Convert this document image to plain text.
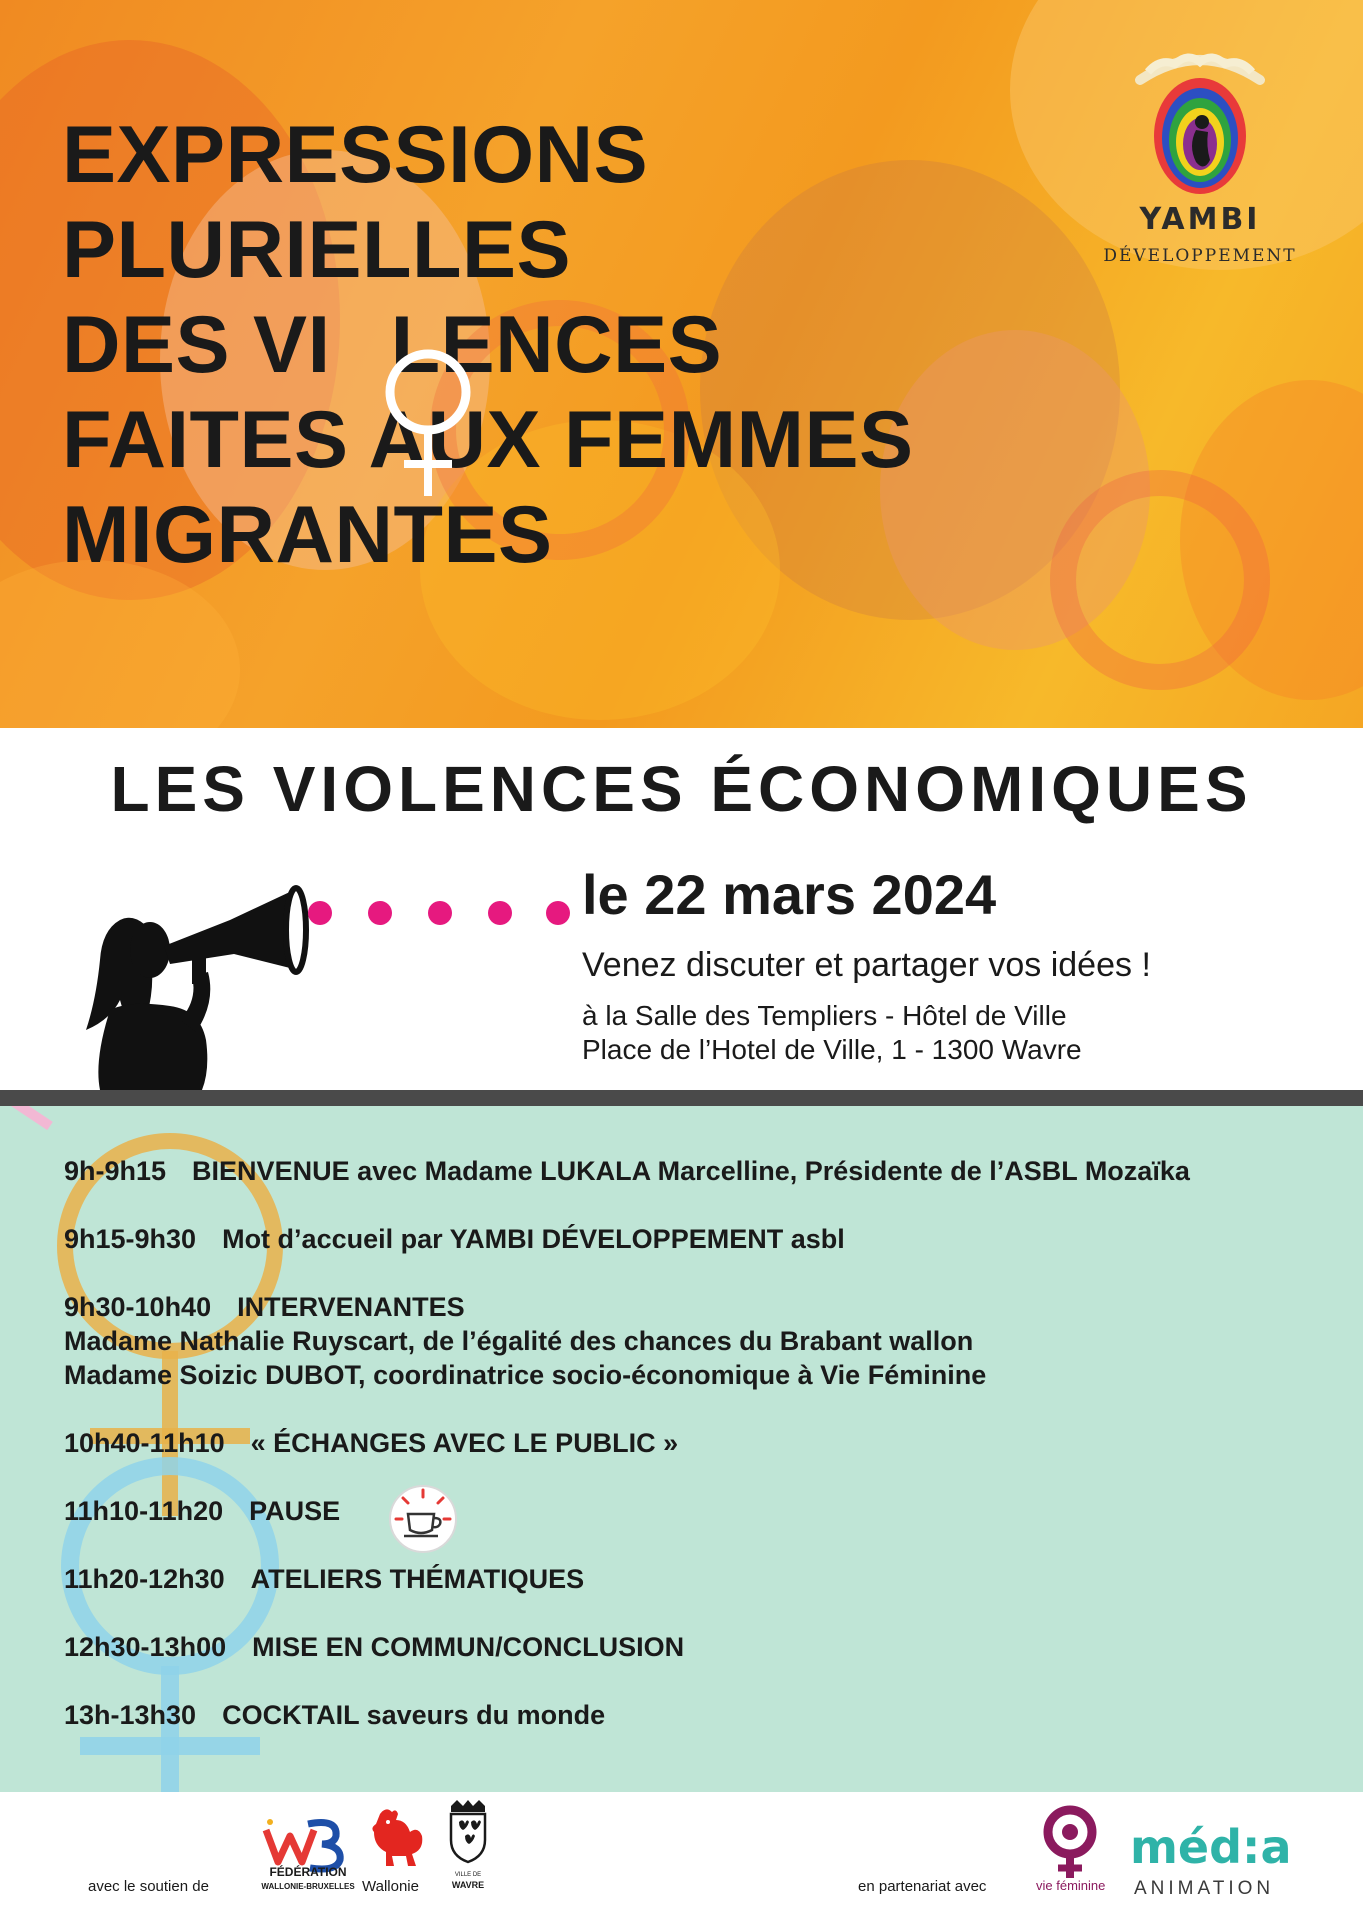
EXPRESSIONS
PLURIELLES
DES VI LENCES
FAITES AUX FEMMES
MIGRANTES
YAMBI
DÉVELOPPEMENT
LES VIOLENCES ÉCONOMIQUES
le 22 mars 2024
Venez discuter et partager vos idées !
à la Salle des Templiers - Hôtel de Ville
Place de l’Hotel de Ville, 1 - 1300 Wavre
9h-9h15 BIENVENUE avec Madame LUKALA Marcelline, Présidente de l’ASBL Mozaïka
9h15-9h30 Mot d’accueil par YAMBI DÉVELOPPEMENT asbl
9h30-10h40 INTERVENANTES
Madame Nathalie Ruyscart, de l’égalité des chances du Brabant wallon
Madame Soizic DUBOT, coordinatrice socio-économique à Vie Féminine
10h40-11h10 « ÉCHANGES AVEC LE PUBLIC »
11h10-11h20 PAUSE
11h20-12h30 ATELIERS THÉMATIQUES
12h30-13h00 MISE EN COMMUN/CONCLUSION
13h-13h30 COCKTAIL saveurs du monde
avec le soutien de
FÉDÉRATION
WALLONIE-BRUXELLES Wallonie
VILLE DE
WAVRE	en partenariat avec	vie féminine
méd:a
ANIMATION
